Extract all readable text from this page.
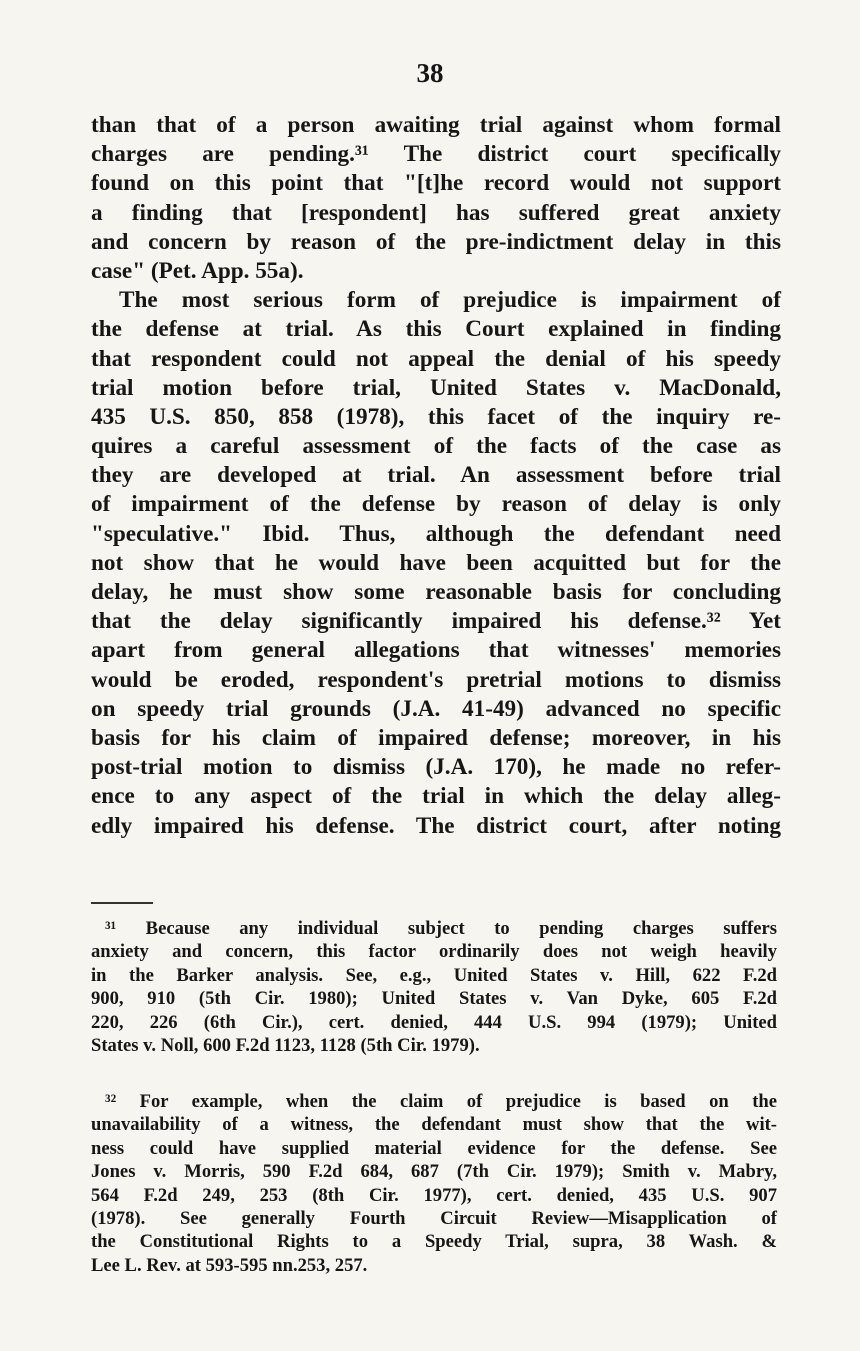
38
than that of a person awaiting trial against whom formal
charges are pending.³¹ The district court specifically
found on this point that "[t]he record would not support
a finding that [respondent] has suffered great anxiety
and concern by reason of the pre-indictment delay in this
case" (Pet. App. 55a).
The most serious form of prejudice is impairment of
the defense at trial. As this Court explained in finding
that respondent could not appeal the denial of his speedy
trial motion before trial, United States v. MacDonald,
435 U.S. 850, 858 (1978), this facet of the inquiry re-
quires a careful assessment of the facts of the case as
they are developed at trial. An assessment before trial
of impairment of the defense by reason of delay is only
"speculative." Ibid. Thus, although the defendant need
not show that he would have been acquitted but for the
delay, he must show some reasonable basis for concluding
that the delay significantly impaired his defense.³² Yet
apart from general allegations that witnesses' memories
would be eroded, respondent's pretrial motions to dismiss
on speedy trial grounds (J.A. 41-49) advanced no specific
basis for his claim of impaired defense; moreover, in his
post-trial motion to dismiss (J.A. 170), he made no refer-
ence to any aspect of the trial in which the delay alleg-
edly impaired his defense. The district court, after noting
³¹ Because any individual subject to pending charges suffers
anxiety and concern, this factor ordinarily does not weigh heavily
in the Barker analysis. See, e.g., United States v. Hill, 622 F.2d
900, 910 (5th Cir. 1980); United States v. Van Dyke, 605 F.2d
220, 226 (6th Cir.), cert. denied, 444 U.S. 994 (1979); United
States v. Noll, 600 F.2d 1123, 1128 (5th Cir. 1979).
³² For example, when the claim of prejudice is based on the
unavailability of a witness, the defendant must show that the wit-
ness could have supplied material evidence for the defense. See
Jones v. Morris, 590 F.2d 684, 687 (7th Cir. 1979); Smith v. Mabry,
564 F.2d 249, 253 (8th Cir. 1977), cert. denied, 435 U.S. 907
(1978). See generally Fourth Circuit Review—Misapplication of
the Constitutional Rights to a Speedy Trial, supra, 38 Wash. &
Lee L. Rev. at 593-595 nn.253, 257.
